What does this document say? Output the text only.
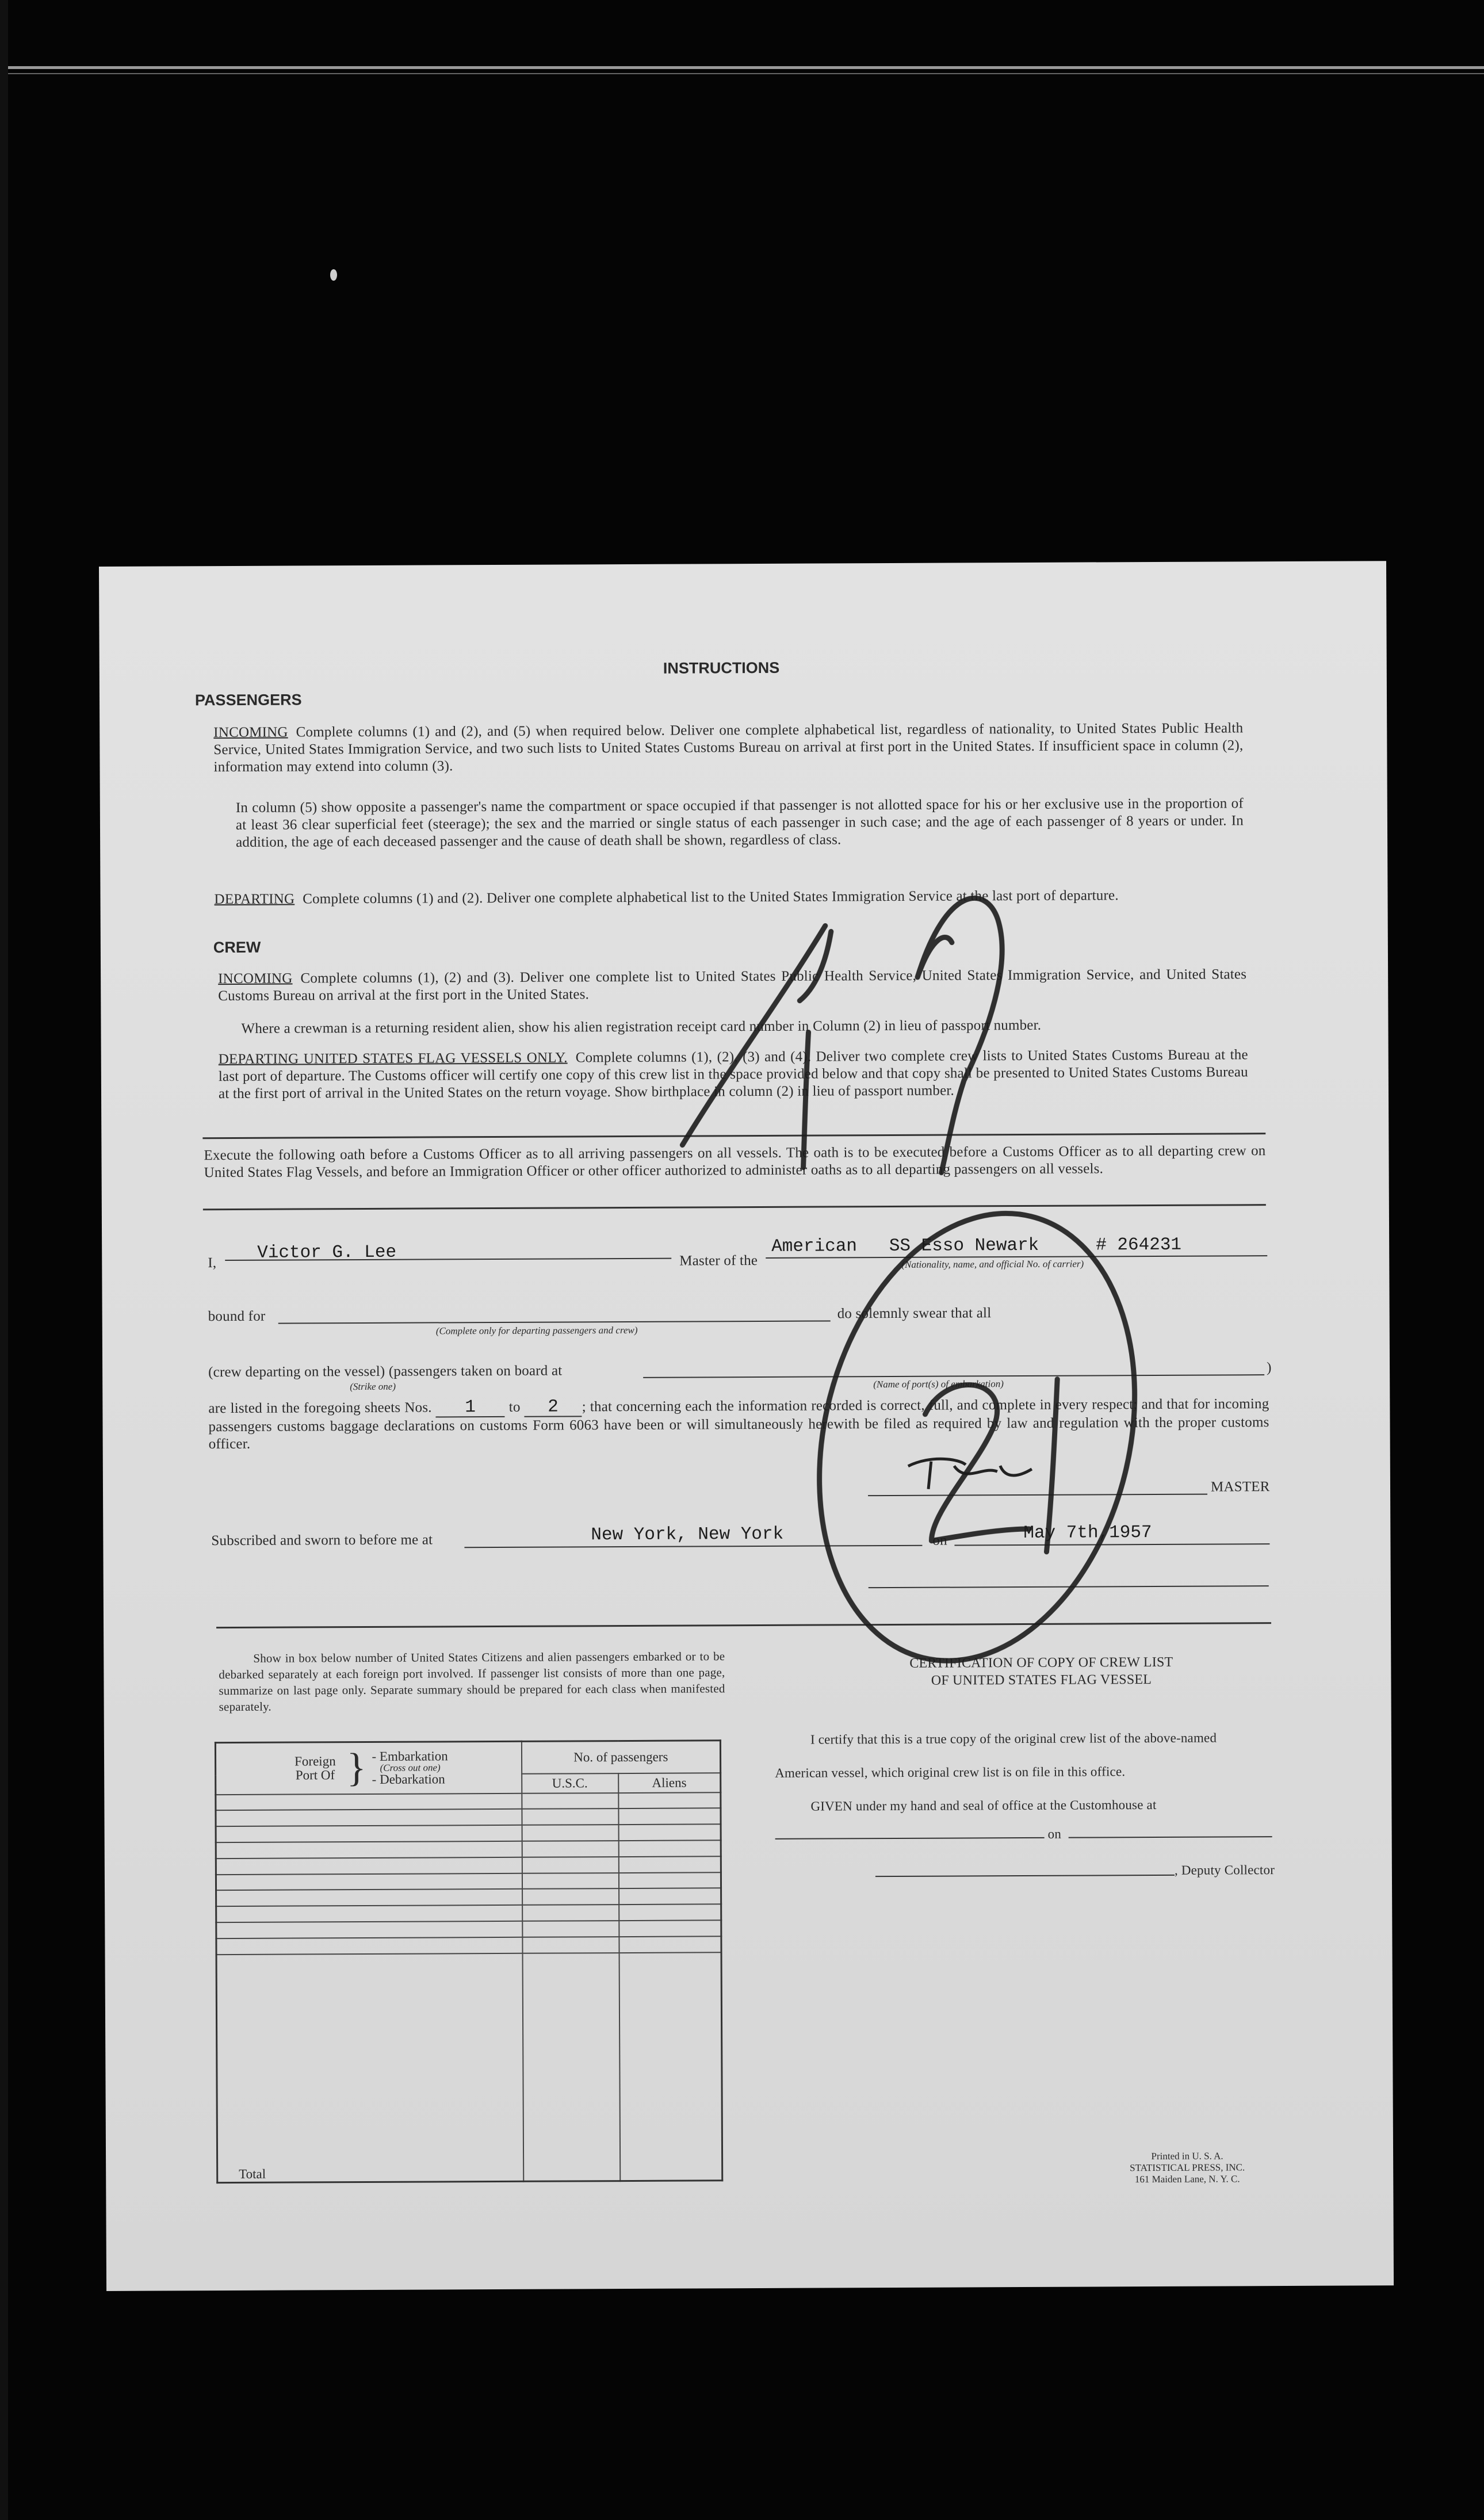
INSTRUCTIONS
PASSENGERS
INCOMING Complete columns (1) and (2), and (5) when required below. Deliver one complete alphabetical list, regardless of nationality, to United States Public Health Service, United States Immigration Service, and two such lists to United States Customs Bureau on arrival at first port in the United States. If insufficient space in column (2), information may extend into column (3).
In column (5) show opposite a passenger's name the compartment or space occupied if that passenger is not allotted space for his or her exclusive use in the proportion of at least 36 clear superficial feet (steerage); the sex and the married or single status of each passenger in such case; and the age of each passenger of 8 years or under. In addition, the age of each deceased passenger and the cause of death shall be shown, regardless of class.
DEPARTING Complete columns (1) and (2). Deliver one complete alphabetical list to the United States Immigration Service at the last port of departure.
CREW
INCOMING Complete columns (1), (2) and (3). Deliver one complete list to United States Public Health Service, United States Immigration Service, and United States Customs Bureau on arrival at the first port in the United States.
Where a crewman is a returning resident alien, show his alien registration receipt card number in Column (2) in lieu of passport number.
DEPARTING UNITED STATES FLAG VESSELS ONLY. Complete columns (1), (2), (3) and (4). Deliver two complete crew lists to United States Customs Bureau at the last port of departure. The Customs officer will certify one copy of this crew list in the space provided below and that copy shall be presented to United States Customs Bureau at the first port of arrival in the United States on the return voyage. Show birthplace in column (2) in lieu of passport number.
Execute the following oath before a Customs Officer as to all arriving passengers on all vessels. The oath is to be executed before a Customs Officer as to all departing crew on United States Flag Vessels, and before an Immigration Officer or other officer authorized to administer oaths as to all departing passengers on all vessels.
I, Victor G. Lee	Master of the
American   SS Esso Newark	# 264231
(Nationality, name, and official No. of carrier)
bound for
(Complete only for departing passengers and crew)
do solemnly swear that all
(crew departing on the vessel) (passengers taken on board at
(Strike one)
)
(Name of port(s) of embarkation)
are listed in the foregoing sheets Nos. 1 to 2 ; that concerning each the information recorded is correct, full, and complete in every respect; and that for incoming passengers customs baggage declarations on customs Form 6063 have been or will simultaneously herewith be filed as required by law and regulation with the proper customs officer.
MASTER
Subscribed and sworn to before me at	New York, New York	on	May 7th,1957
Show in box below number of United States Citizens and alien passengers embarked or to be debarked separately at each foreign port involved. If passenger list consists of more than one page, summarize on last page only. Separate summary should be prepared for each class when manifested separately.
Foreign Port Of } - Embarkation
(Cross out one)
- Debarkation	No. of passengers	
	U.S.C.	Aliens

Total		
CERTIFICATION OF COPY OF CREW LIST
OF UNITED STATES FLAG VESSEL
I certify that this is a true copy of the original crew list of the above-named
American vessel, which original crew list is on file in this office.
GIVEN under my hand and seal of office at the Customhouse at
on
, Deputy Collector
Printed in U. S. A.
STATISTICAL PRESS, INC.
161 Maiden Lane, N. Y. C.
